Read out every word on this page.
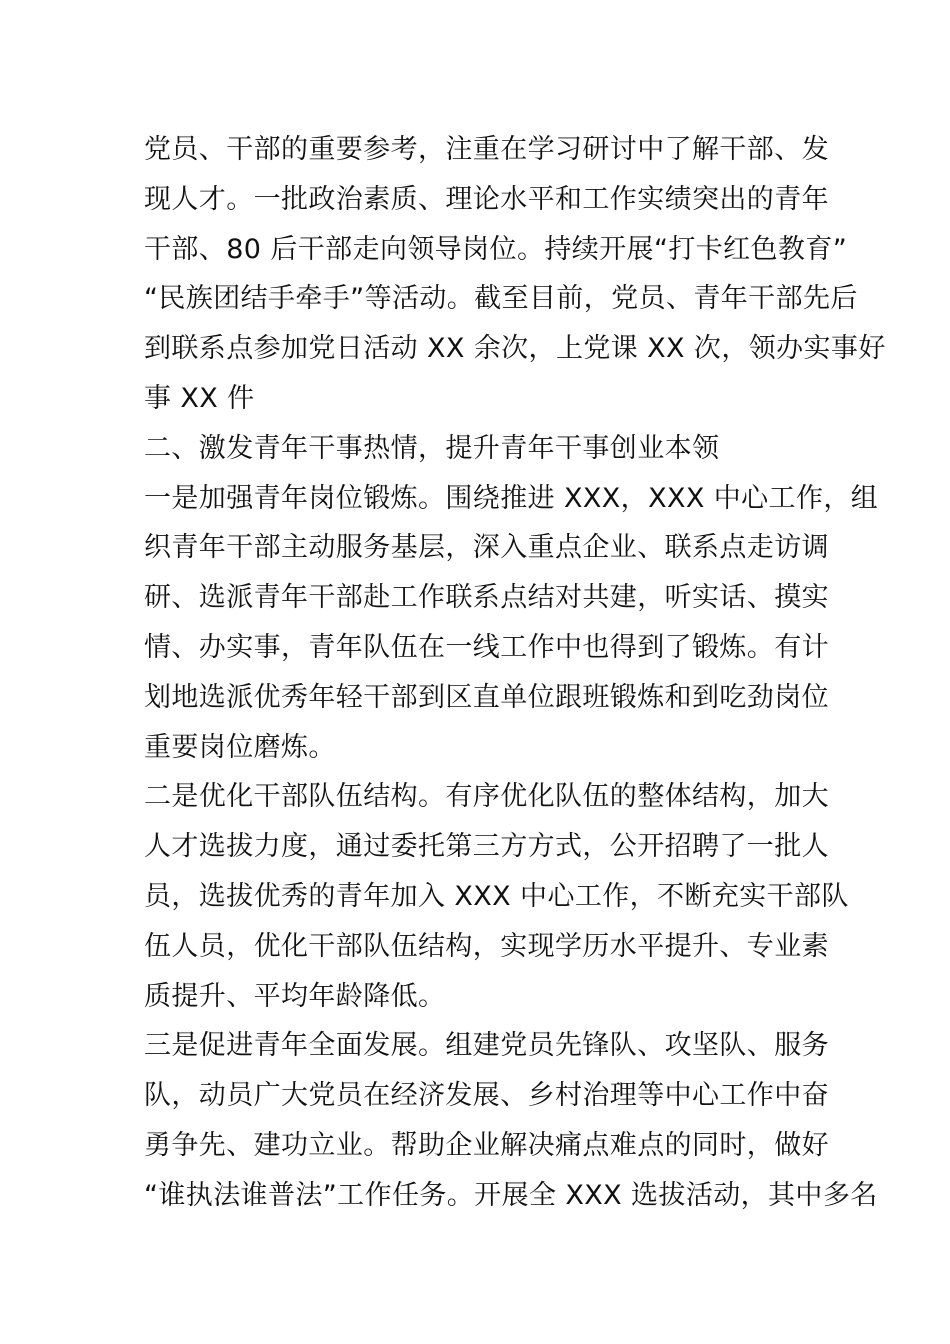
党员、干部的重要参考，注重在学习研讨中了解干部、发
现人才。一批政治素质、理论水平和工作实绩突出的青年
干部、80 后干部走向领导岗位。持续开展“打卡红色教育”
“民族团结手牵手”等活动。截至目前，党员、青年干部先后
到联系点参加党日活动 XX 余次，上党课 XX 次，领办实事好
事 XX 件
二、激发青年干事热情，提升青年干事创业本领
一是加强青年岗位锻炼。围绕推进 XXX，XXX 中心工作，组
织青年干部主动服务基层，深入重点企业、联系点走访调
研、选派青年干部赴工作联系点结对共建，听实话、摸实
情、办实事，青年队伍在一线工作中也得到了锻炼。有计
划地选派优秀年轻干部到区直单位跟班锻炼和到吃劲岗位
重要岗位磨炼。
二是优化干部队伍结构。有序优化队伍的整体结构，加大
人才选拔力度，通过委托第三方方式，公开招聘了一批人
员，选拔优秀的青年加入 XXX 中心工作，不断充实干部队
伍人员，优化干部队伍结构，实现学历水平提升、专业素
质提升、平均年龄降低。
三是促进青年全面发展。组建党员先锋队、攻坚队、服务
队，动员广大党员在经济发展、乡村治理等中心工作中奋
勇争先、建功立业。帮助企业解决痛点难点的同时，做好
“谁执法谁普法”工作任务。开展全 XXX 选拔活动，其中多名
